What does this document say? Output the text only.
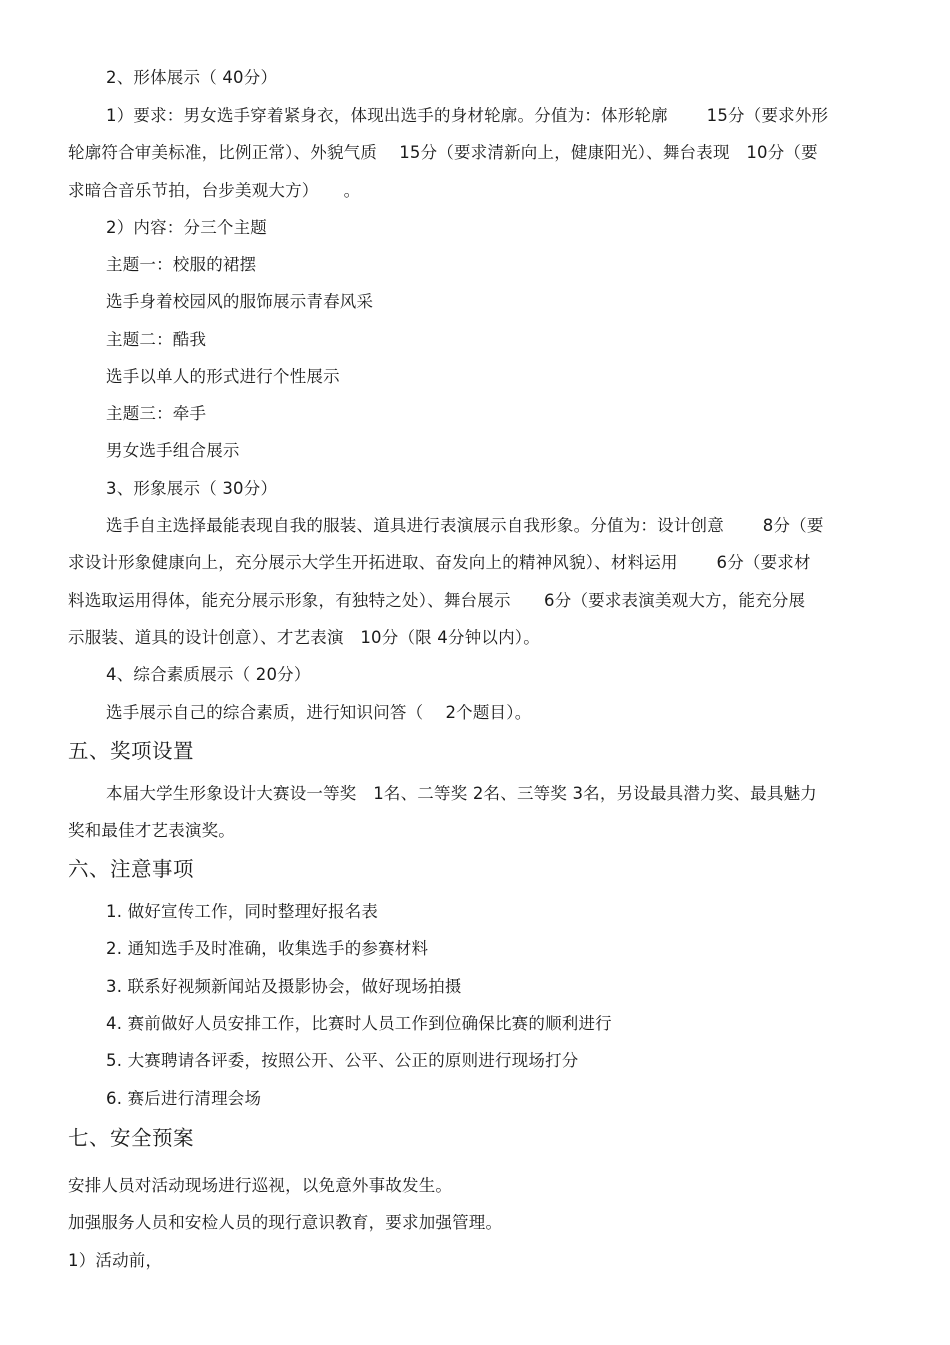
2、形体展示（ 40分）
1）要求：男女选手穿着紧身衣，体现出选手的身材轮廓。分值为：体形轮廓　　 15分（要求外形
轮廓符合审美标准，比例正常）、外貌气质　 15分（要求清新向上，健康阳光）、舞台表现　10分（要
求暗合音乐节拍，台步美观大方）　　。
2）内容：分三个主题
主题一：校服的裙摆
选手身着校园风的服饰展示青春风采
主题二：酷我
选手以单人的形式进行个性展示
主题三：牵手
男女选手组合展示
3、形象展示（ 30分）
选手自主选择最能表现自我的服装、道具进行表演展示自我形象。分值为：设计创意　　 8分（要
求设计形象健康向上，充分展示大学生开拓进取、奋发向上的精神风貌）、材料运用　　 6分（要求材
料选取运用得体，能充分展示形象，有独特之处）、舞台展示　　6分（要求表演美观大方，能充分展
示服装、道具的设计创意）、才艺表演　10分（限 4分钟以内）。
4、综合素质展示（ 20分）
选手展示自己的综合素质，进行知识问答（　 2个题目）。
五、奖项设置
本届大学生形象设计大赛设一等奖　1名、二等奖 2名、三等奖 3名，另设最具潜力奖、最具魅力
奖和最佳才艺表演奖。
六、注意事项
1. 做好宣传工作，同时整理好报名表
2. 通知选手及时准确，收集选手的参赛材料
3. 联系好视频新闻站及摄影协会，做好现场拍摄
4. 赛前做好人员安排工作，比赛时人员工作到位确保比赛的顺利进行
5. 大赛聘请各评委，按照公开、公平、公正的原则进行现场打分
6. 赛后进行清理会场
七、安全预案
安排人员对活动现场进行巡视，以免意外事故发生。
加强服务人员和安检人员的现行意识教育，要求加强管理。
1）活动前，
